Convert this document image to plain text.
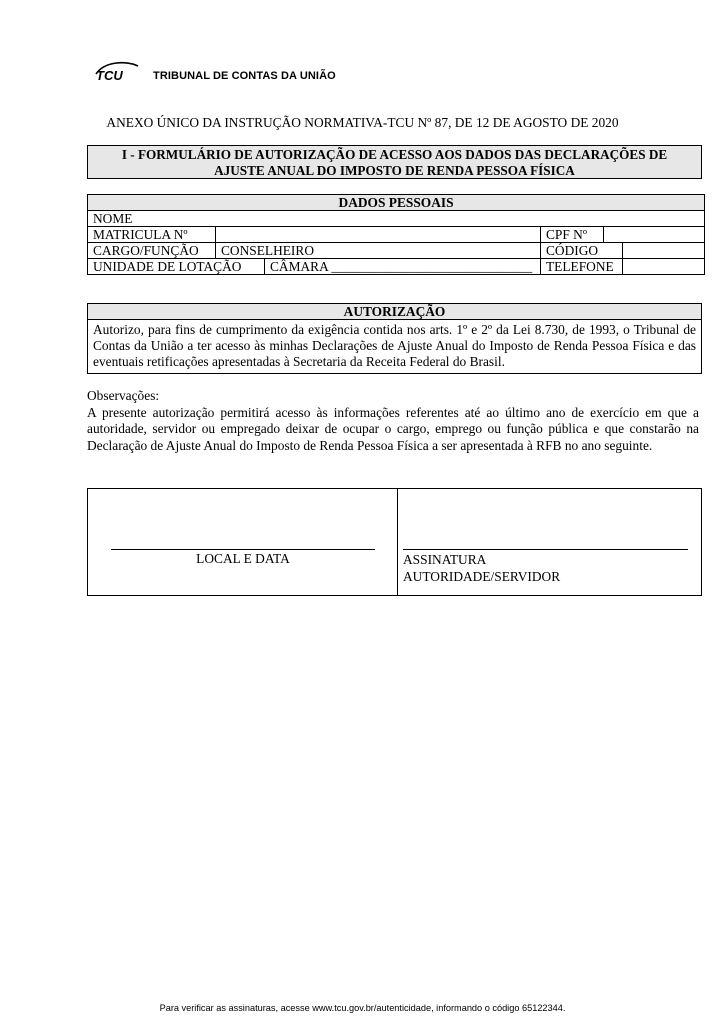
TCU	TRIBUNAL DE CONTAS DA UNIÃO
ANEXO ÚNICO DA INSTRUÇÃO NORMATIVA-TCU Nº 87, DE 12 DE AGOSTO DE 2020
I - FORMULÁRIO DE AUTORIZAÇÃO DE ACESSO AOS DADOS DAS DECLARAÇÕES DE
AJUSTE ANUAL DO IMPOSTO DE RENDA PESSOA FÍSICA
DADOS PESSOAIS					
NOME					
MATRICULA Nº			CPF Nº		
CARGO/FUNÇÃO	CONSELHEIRO		CÓDIGO		
UNIDADE DE LOTAÇÃO		CÂMARA ______________________________	TELEFONE		
AUTORIZAÇÃO
Autorizo, para fins de cumprimento da exigência contida nos arts. 1º e 2º da Lei 8.730, de 1993, o Tribunal de Contas da União a ter acesso às minhas Declarações de Ajuste Anual do Imposto de Renda Pessoa Física e das eventuais retificações apresentadas à Secretaria da Receita Federal do Brasil.
Observações:
A presente autorização permitirá acesso às informações referentes até ao último ano de exercício em que a autoridade, servidor ou empregado deixar de ocupar o cargo, emprego ou função pública e que constarão na Declaração de Ajuste Anual do Imposto de Renda Pessoa Física a ser apresentada à RFB no ano seguinte.
LOCAL E DATA	ASSINATURA
AUTORIDADE/SERVIDOR
Para verificar as assinaturas, acesse www.tcu.gov.br/autenticidade, informando o código 65122344.
